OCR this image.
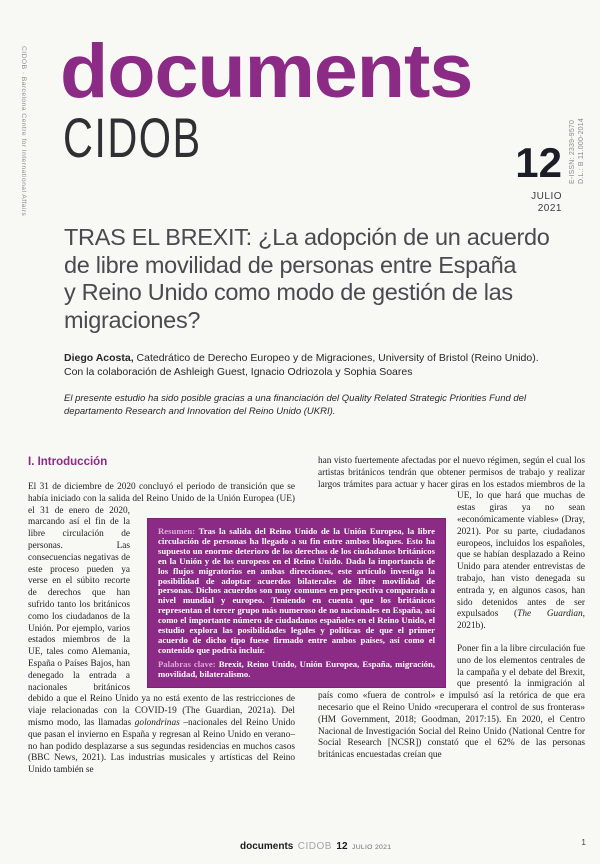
CIDOB · Barcelona Centre for International Affairs	E-ISSN: 2339-9570 D.L.: B 11.000-2014
documents
CIDOB	12
JULIO
2021
TRAS EL BREXIT: ¿La adopción de un acuerdo
de libre movilidad de personas entre España
y Reino Unido como modo de gestión de las
migraciones?
Diego Acosta, Catedrático de Derecho Europeo y de Migraciones, University of Bristol (Reino Unido).
Con la colaboración de Ashleigh Guest, Ignacio Odriozola y Sophia Soares
El presente estudio ha sido posible gracias a una financiación del Quality Related Strategic Priorities Fund del departamento Research and Innovation del Reino Unido (UKRI).

I. Introducción

El 31 de diciembre de 2020 concluyó el periodo de transición que se había iniciado con la salida del Reino Unido de la
Unión Europea (UE) el 31 de enero de 2020, marcando así el fin de la libre circulación de personas. Las consecuencias negativas de este proceso pueden ya verse en el súbito recorte de derechos que han sufrido tanto los británicos como los ciudadanos de la Unión. Por ejemplo, varios estados miembros de la UE, tales como Alemania, España o Países Bajos, han denegado la entrada a nacionales británicos debido a que el Reino Unido ya no está exento de las restricciones de viaje relacionadas con la COVID-19 (The Guardian, 2021a). Del mismo modo, las llamadas golondrinas –nacionales del Reino Unido que pasan el invierno en España y regresan al Reino Unido en verano– no han podido desplazarse a sus segundas residencias en muchos casos (BBC News, 2021). Las industrias musicales y artísticas del Reino Unido también se

han visto fuertemente afectadas por el nuevo régimen, según el cual los artistas británicos tendrán que obtener permisos de trabajo y realizar largos trámites para actuar y hacer giras en los estados miembros de la UE, lo que hará que muchas
de estas giras ya no sean «económicamente viables» (Dray, 2021). Por su parte, ciudadanos europeos, incluidos los españoles, que se habían desplazado a Reino Unido para atender entrevistas de trabajo, han visto denegada su entrada y, en algunos casos, han sido detenidos antes de ser expulsados (The Guardian, 2021b).

Poner fin a la libre circulación fue uno de los elementos centrales de la campaña y el debate del Brexit, que presentó la inmigración al país como «fuera de control» e impulsó así la retórica de que era necesario que el Reino Unido «recuperara el control de sus fronteras» (HM Government, 2018; Goodman, 2017:15). En 2020, el Centro Nacional de Investigación Social del Reino Unido (National Centre for Social Research [NCSR]) constató que el 62% de las personas británicas encuestadas creían que

Resumen: Tras la salida del Reino Unido de la Unión Europea, la libre circulación de personas ha llegado a su fin entre ambos bloques. Esto ha supuesto un enorme deterioro de los derechos de los ciudadanos británicos en la Unión y de los europeos en el Reino Unido. Dada la importancia de los flujos migratorios en ambas direcciones, este artículo investiga la posibilidad de adoptar acuerdos bilaterales de libre movilidad de personas. Dichos acuerdos son muy comunes en perspectiva comparada a nivel mundial y europeo. Teniendo en cuenta que los británicos representan el tercer grupo más numeroso de no nacionales en España, así como el importante número de ciudadanos españoles en el Reino Unido, el estudio explora las posibilidades legales y políticas de que el primer acuerdo de dicho tipo fuese firmado entre ambos países, así como el contenido que podría incluir.

Palabras clave: Brexit, Reino Unido, Unión Europea, España, migración, movilidad, bilateralismo.

documents CIDOB 12 JULIO 2021
1
